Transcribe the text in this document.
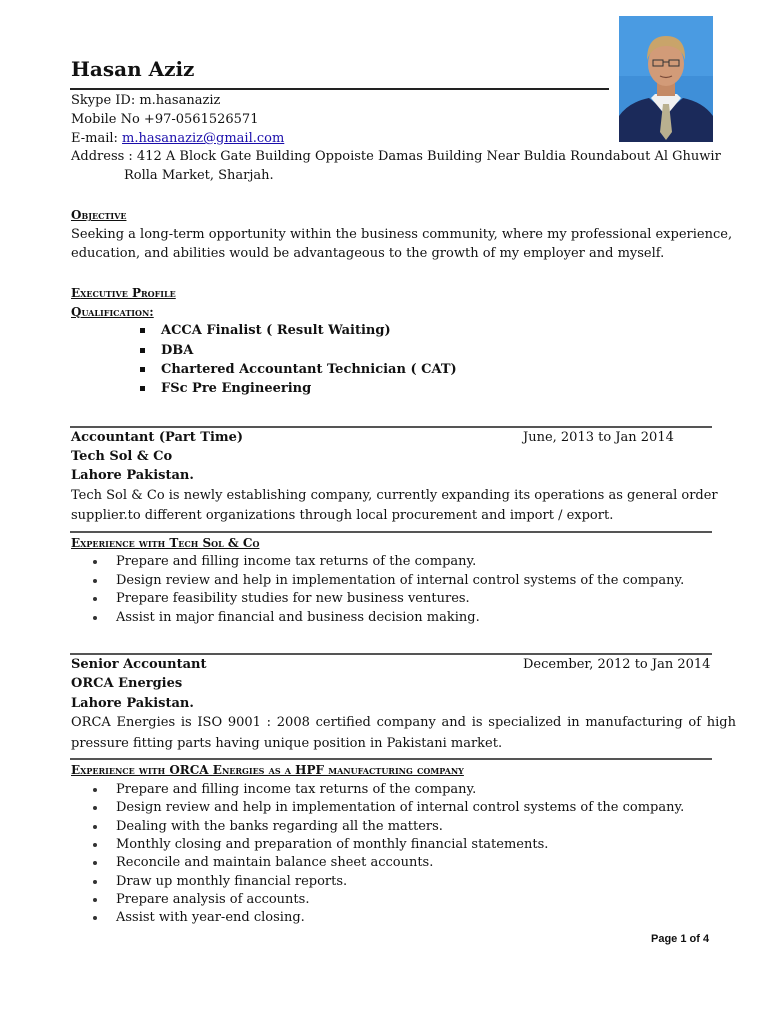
Hasan Aziz
Skype ID: m.hasanaziz
Mobile No +97-0561526571
E-mail: m.hasanaziz@gmail.com
Address : 412 A Block Gate Building Oppoiste Damas Building Near Buldia Roundabout Al Ghuwir
Rolla Market, Sharjah.
Objective
Seeking a long-term opportunity within the business community, where my professional experience,
education, and abilities would be advantageous to the growth of my employer and myself.
Executive Profile
Qualification:
ACCA Finalist ( Result Waiting)
DBA
Chartered Accountant Technician ( CAT)
FSc Pre Engineering
Accountant (Part Time)	June, 2013 to Jan 2014
Tech Sol & Co
Lahore Pakistan.
Tech Sol & Co is newly establishing company, currently expanding its operations as general order
supplier.to different organizations through local procurement and import / export.
Experience with Tech Sol & Co
Prepare and filling income tax returns of the company.
Design review and help in implementation of internal control systems of the company.
Prepare feasibility studies for new business ventures.
Assist in major financial and business decision making.
Senior Accountant	December, 2012 to Jan 2014
ORCA Energies
Lahore Pakistan.
ORCA Energies is ISO 9001 : 2008 certified company and is specialized in manufacturing of high
pressure fitting parts having unique position in Pakistani market.
Experience with ORCA Energies as a HPF manufacturing company
Prepare and filling income tax returns of the company.
Design review and help in implementation of internal control systems of the company.
Dealing with the banks regarding all the matters.
Monthly closing and preparation of monthly financial statements.
Reconcile and maintain balance sheet accounts.
Draw up monthly financial reports.
Prepare analysis of accounts.
Assist with year-end closing.
Page 1 of 4
